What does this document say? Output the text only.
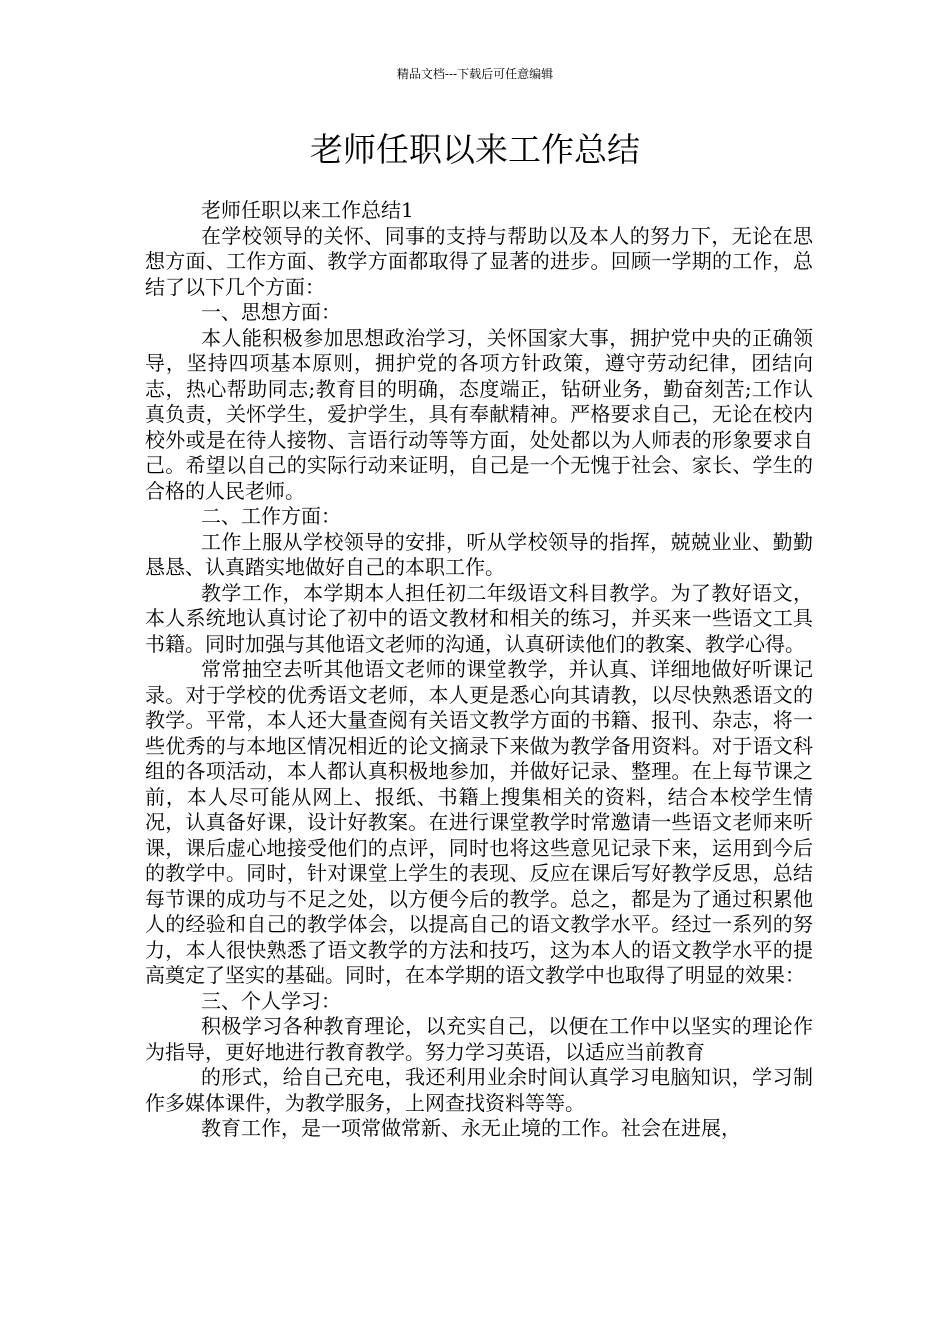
精品文档---下载后可任意编辑
老师任职以来工作总结

老师任职以来工作总结1

在学校领导的关怀、同事的支持与帮助以及本人的努力下，无论在思想方面、工作方面、教学方面都取得了显著的进步。回顾一学期的工作，总结了以下几个方面：

一、思想方面：

本人能积极参加思想政治学习，关怀国家大事，拥护党中央的正确领导，坚持四项基本原则，拥护党的各项方针政策，遵守劳动纪律，团结向志，热心帮助同志;教育目的明确，态度端正，钻研业务，勤奋刻苦;工作认真负责，关怀学生，爱护学生，具有奉献精神。严格要求自己，无论在校内校外或是在待人接物、言语行动等等方面，处处都以为人师表的形象要求自己。希望以自己的实际行动来证明，自己是一个无愧于社会、家长、学生的合格的人民老师。

二、工作方面：

工作上服从学校领导的安排，听从学校领导的指挥，兢兢业业、勤勤恳恳、认真踏实地做好自己的本职工作。

教学工作，本学期本人担任初二年级语文科目教学。为了教好语文，本人系统地认真讨论了初中的语文教材和相关的练习，并买来一些语文工具书籍。同时加强与其他语文老师的沟通，认真研读他们的教案、教学心得。

常常抽空去听其他语文老师的课堂教学，并认真、详细地做好听课记录。对于学校的优秀语文老师，本人更是悉心向其请教，以尽快熟悉语文的教学。平常，本人还大量查阅有关语文教学方面的书籍、报刊、杂志，将一些优秀的与本地区情况相近的论文摘录下来做为教学备用资料。对于语文科组的各项活动，本人都认真积极地参加，并做好记录、整理。在上每节课之前，本人尽可能从网上、报纸、书籍上搜集相关的资料，结合本校学生情况，认真备好课，设计好教案。在进行课堂教学时常邀请一些语文老师来听课，课后虚心地接受他们的点评，同时也将这些意见记录下来，运用到今后的教学中。同时，针对课堂上学生的表现、反应在课后写好教学反思，总结每节课的成功与不足之处，以方便今后的教学。总之，都是为了通过积累他人的经验和自己的教学体会，以提高自己的语文教学水平。经过一系列的努力，本人很快熟悉了语文教学的方法和技巧，这为本人的语文教学水平的提高奠定了坚实的基础。同时，在本学期的语文教学中也取得了明显的效果：

三、个人学习：

积极学习各种教育理论，以充实自己，以便在工作中以坚实的理论作为指导，更好地进行教育教学。努力学习英语，以适应当前教育

的形式，给自己充电，我还利用业余时间认真学习电脑知识，学习制作多媒体课件，为教学服务，上网查找资料等等。

教育工作，是一项常做常新、永无止境的工作。社会在进展，
